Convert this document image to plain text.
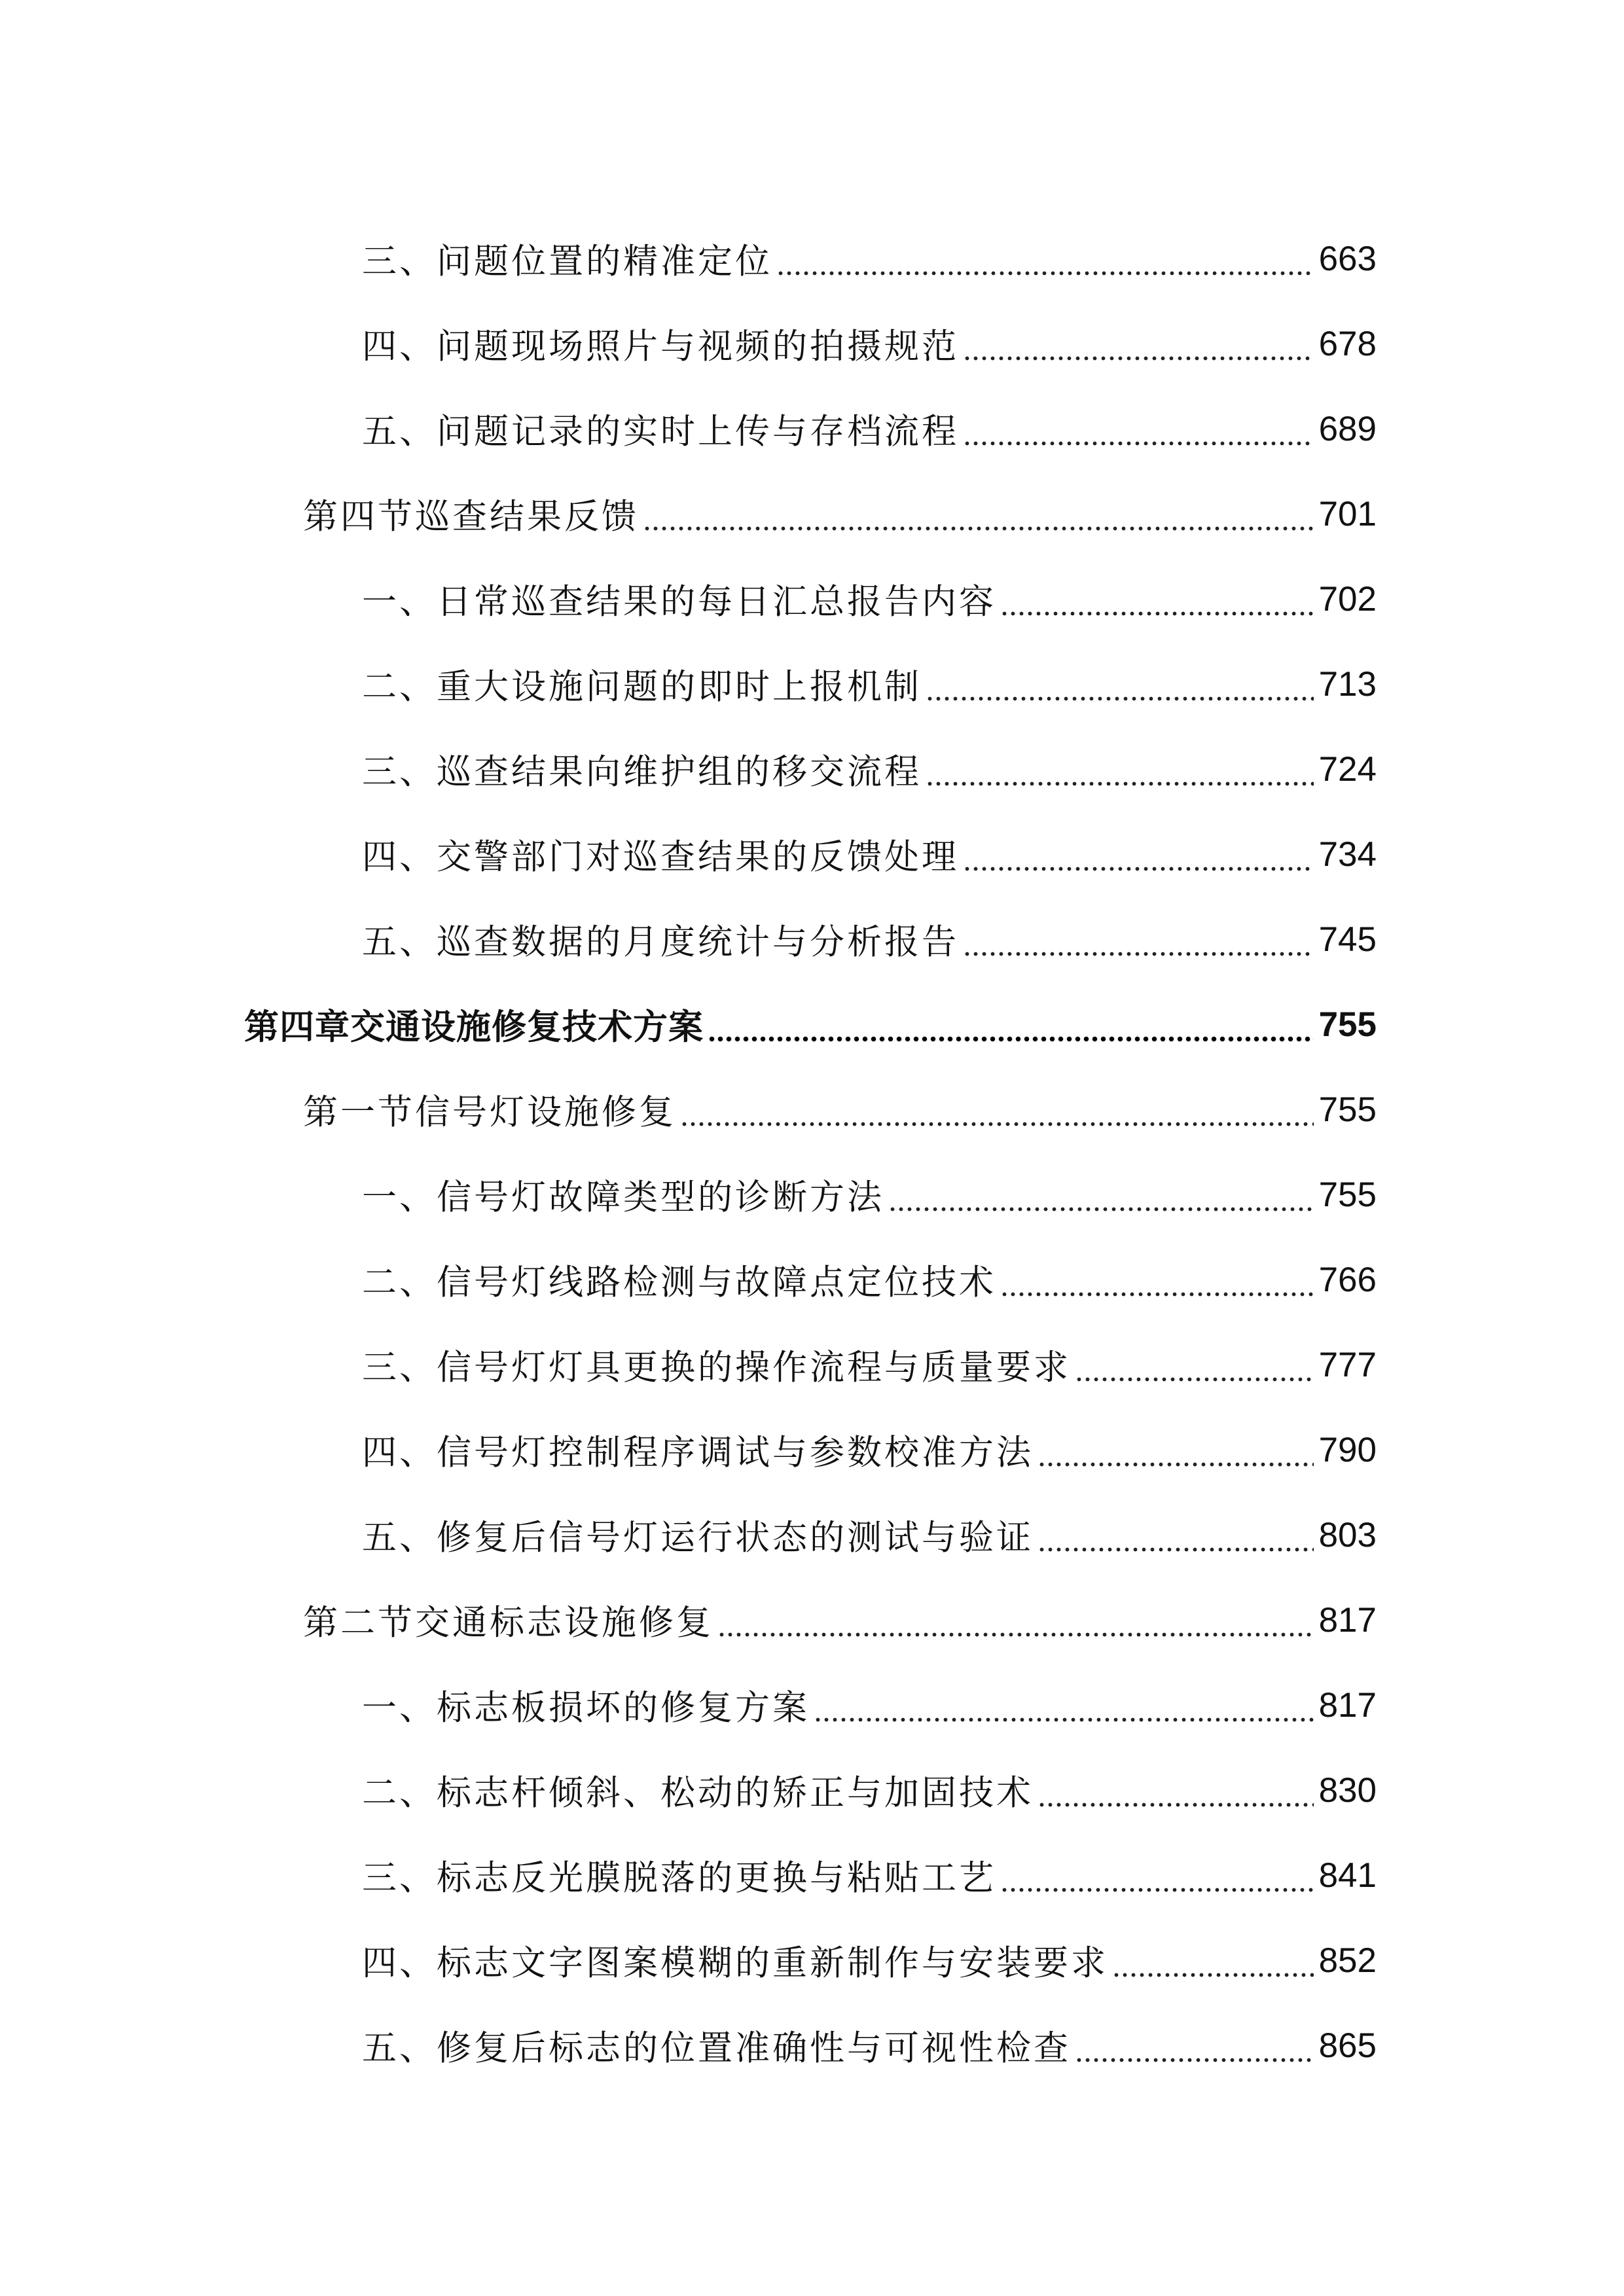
三、问题位置的精准定位	663
四、问题现场照片与视频的拍摄规范	678
五、问题记录的实时上传与存档流程	689
第四节巡查结果反馈	701
一、日常巡查结果的每日汇总报告内容	702
二、重大设施问题的即时上报机制	713
三、巡查结果向维护组的移交流程	724
四、交警部门对巡查结果的反馈处理	734
五、巡查数据的月度统计与分析报告	745
第四章交通设施修复技术方案	755
第一节信号灯设施修复	755
一、信号灯故障类型的诊断方法	755
二、信号灯线路检测与故障点定位技术	766
三、信号灯灯具更换的操作流程与质量要求	777
四、信号灯控制程序调试与参数校准方法	790
五、修复后信号灯运行状态的测试与验证	803
第二节交通标志设施修复	817
一、标志板损坏的修复方案	817
二、标志杆倾斜、松动的矫正与加固技术	830
三、标志反光膜脱落的更换与粘贴工艺	841
四、标志文字图案模糊的重新制作与安装要求	852
五、修复后标志的位置准确性与可视性检查	865
